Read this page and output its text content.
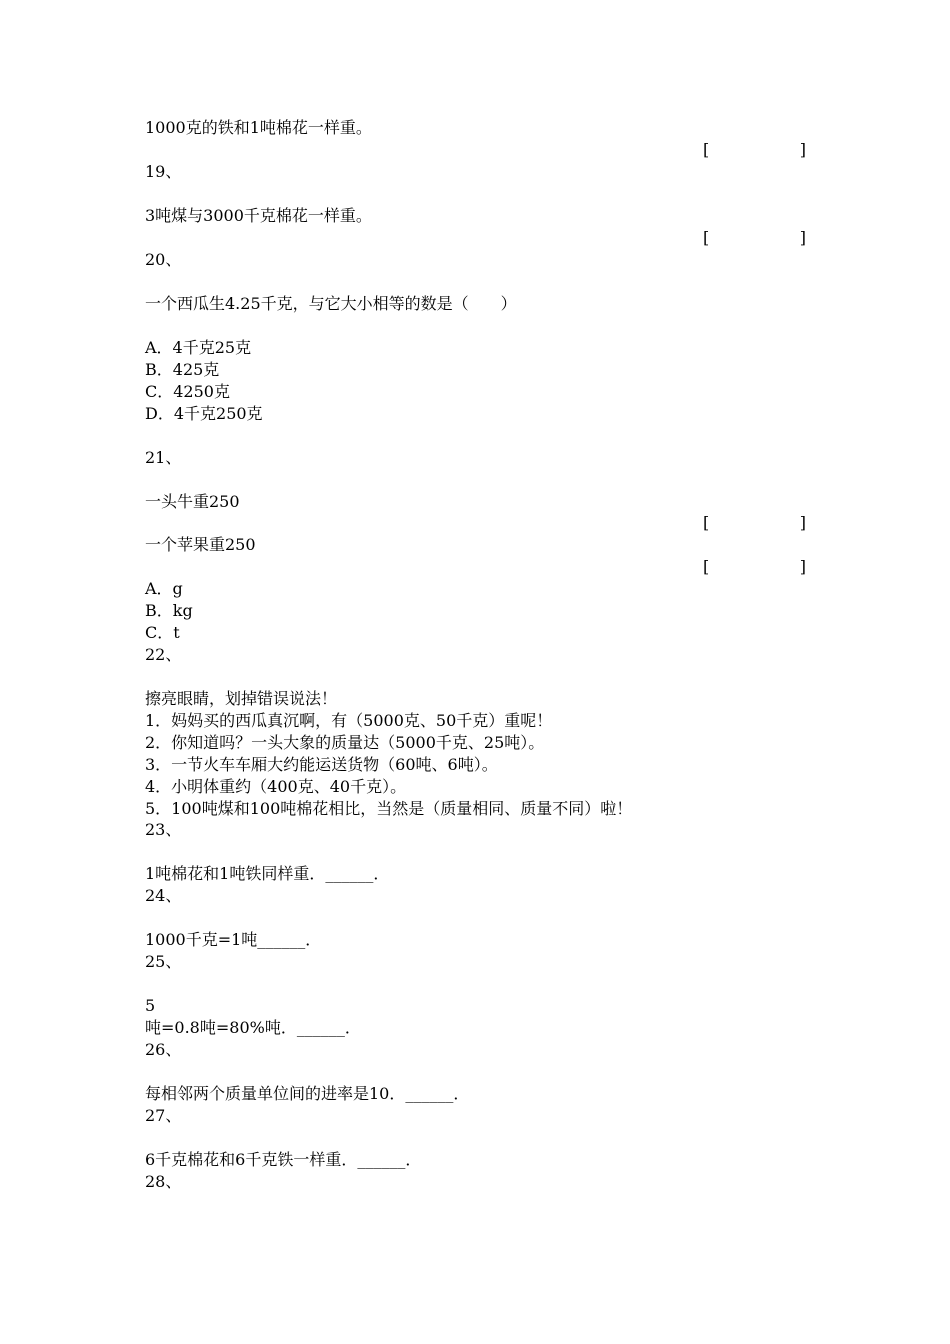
1000克的铁和1吨棉花一样重。

[	]

19、

3吨煤与3000千克棉花一样重。

[	]

20、

一个西瓜生4.25千克，与它大小相等的数是（　　）

A．4千克25克

B．425克

C．4250克

D．4千克250克

21、

一头牛重250

[	]

一个苹果重250

[	]

A．g

B．kg

C．t

22、

擦亮眼睛，划掉错误说法！

1．妈妈买的西瓜真沉啊，有（5000克、50千克）重呢！

2．你知道吗？一头大象的质量达（5000千克、25吨）。

3．一节火车车厢大约能运送货物（60吨、6吨）。

4．小明体重约（400克、40千克）。

5．100吨煤和100吨棉花相比，当然是（质量相同、质量不同）啦！

23、

1吨棉花和1吨铁同样重．______．

24、

1000千克=1吨______．

25、

5

吨=0.8吨=80%吨．______．

26、

每相邻两个质量单位间的进率是10．______．

27、

6千克棉花和6千克铁一样重．______．

28、
